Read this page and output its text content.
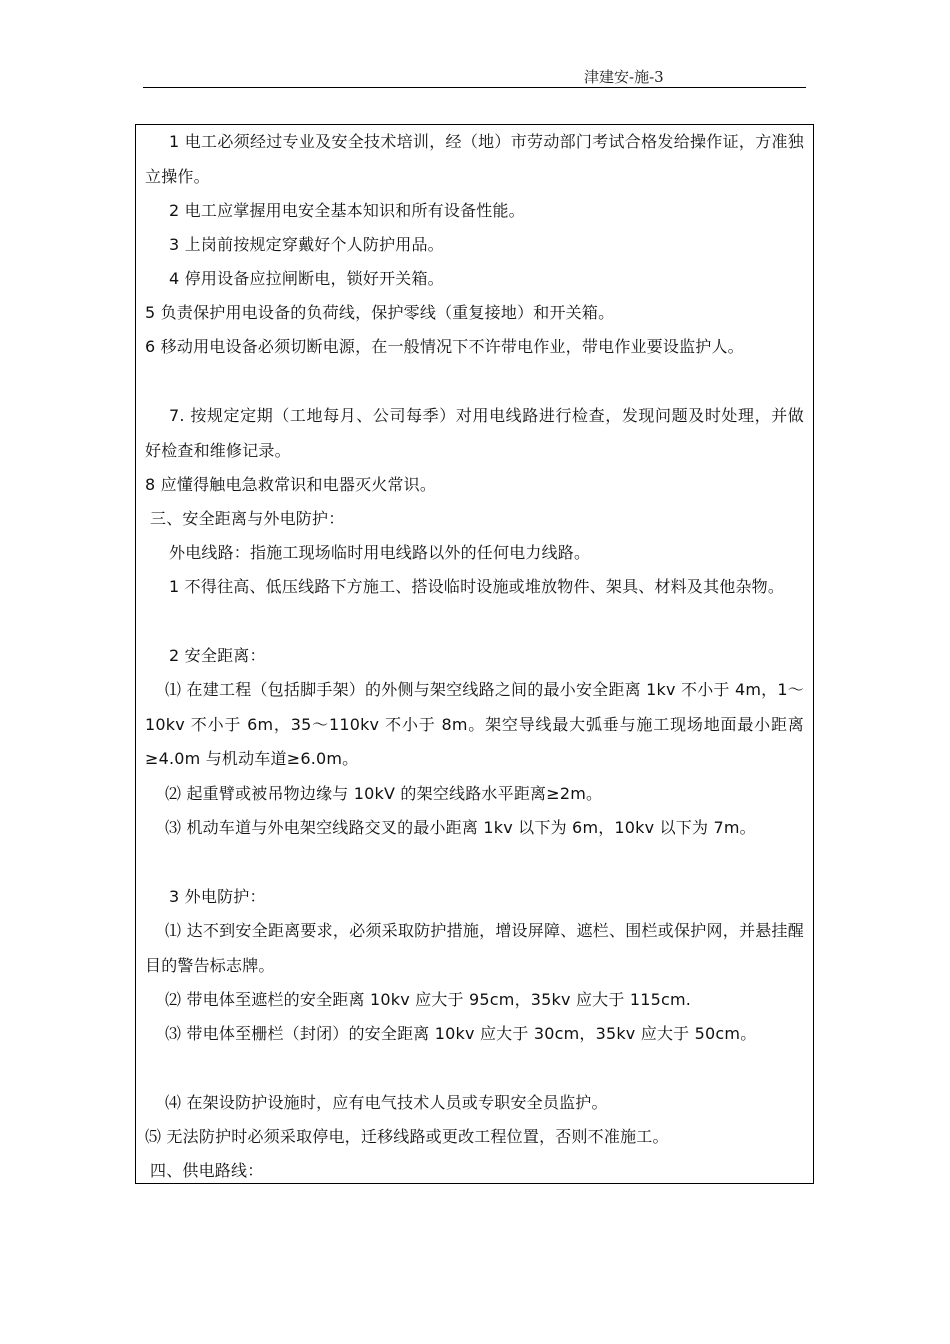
津建安-施-3

1 电工必须经过专业及安全技术培训，经（地）市劳动部门考试合格发给操作证，方准独立操作。

2 电工应掌握用电安全基本知识和所有设备性能。

3 上岗前按规定穿戴好个人防护用品。

4 停用设备应拉闸断电，锁好开关箱。

5 负责保护用电设备的负荷线，保护零线（重复接地）和开关箱。

6 移动用电设备必须切断电源，在一般情况下不许带电作业，带电作业要设监护人。

7. 按规定定期（工地每月、公司每季）对用电线路进行检查，发现问题及时处理，并做好检查和维修记录。

8 应懂得触电急救常识和电器灭火常识。

三、安全距离与外电防护：

外电线路：指施工现场临时用电线路以外的任何电力线路。

1 不得往高、低压线路下方施工、搭设临时设施或堆放物件、架具、材料及其他杂物。

2 安全距离：

⑴ 在建工程（包括脚手架）的外侧与架空线路之间的最小安全距离 1kv 不小于 4m，1～10kv 不小于 6m，35～110kv 不小于 8m。架空导线最大弧垂与施工现场地面最小距离≥4.0m 与机动车道≥6.0m。

⑵ 起重臂或被吊物边缘与 10kV 的架空线路水平距离≥2m。

⑶ 机动车道与外电架空线路交叉的最小距离 1kv 以下为 6m，10kv 以下为 7m。

3 外电防护：

⑴ 达不到安全距离要求，必须采取防护措施，增设屏障、遮栏、围栏或保护网，并悬挂醒目的警告标志牌。

⑵ 带电体至遮栏的安全距离 10kv 应大于 95cm，35kv 应大于 115cm.

⑶ 带电体至栅栏（封闭）的安全距离 10kv 应大于 30cm，35kv 应大于 50cm。

⑷ 在架设防护设施时，应有电气技术人员或专职安全员监护。

⑸ 无法防护时必须采取停电，迁移线路或更改工程位置，否则不准施工。

四、供电路线：
